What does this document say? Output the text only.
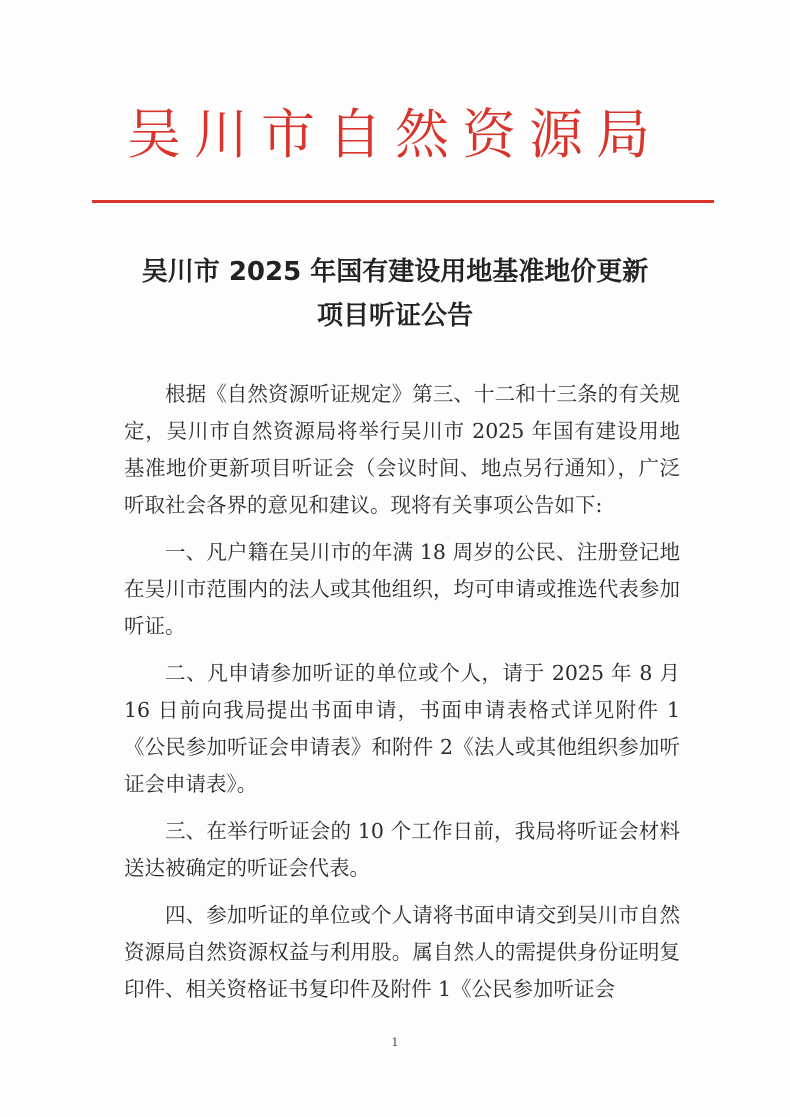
吴川市自然资源局
吴川市 2025 年国有建设用地基准地价更新
项目听证公告

根据《自然资源听证规定》第三、十二和十三条的有关规定，吴川市自然资源局将举行吴川市 2025 年国有建设用地基准地价更新项目听证会（会议时间、地点另行通知），广泛听取社会各界的意见和建议。现将有关事项公告如下:

一、凡户籍在吴川市的年满 18 周岁的公民、注册登记地在吴川市范围内的法人或其他组织，均可申请或推选代表参加听证。

二、凡申请参加听证的单位或个人，请于 2025 年 8 月 16 日前向我局提出书面申请，书面申请表格式详见附件 1《公民参加听证会申请表》和附件 2《法人或其他组织参加听证会申请表》。

三、在举行听证会的 10 个工作日前，我局将听证会材料送达被确定的听证会代表。

四、参加听证的单位或个人请将书面申请交到吴川市自然资源局自然资源权益与利用股。属自然人的需提供身份证明复印件、相关资格证书复印件及附件 1《公民参加听证会

1
